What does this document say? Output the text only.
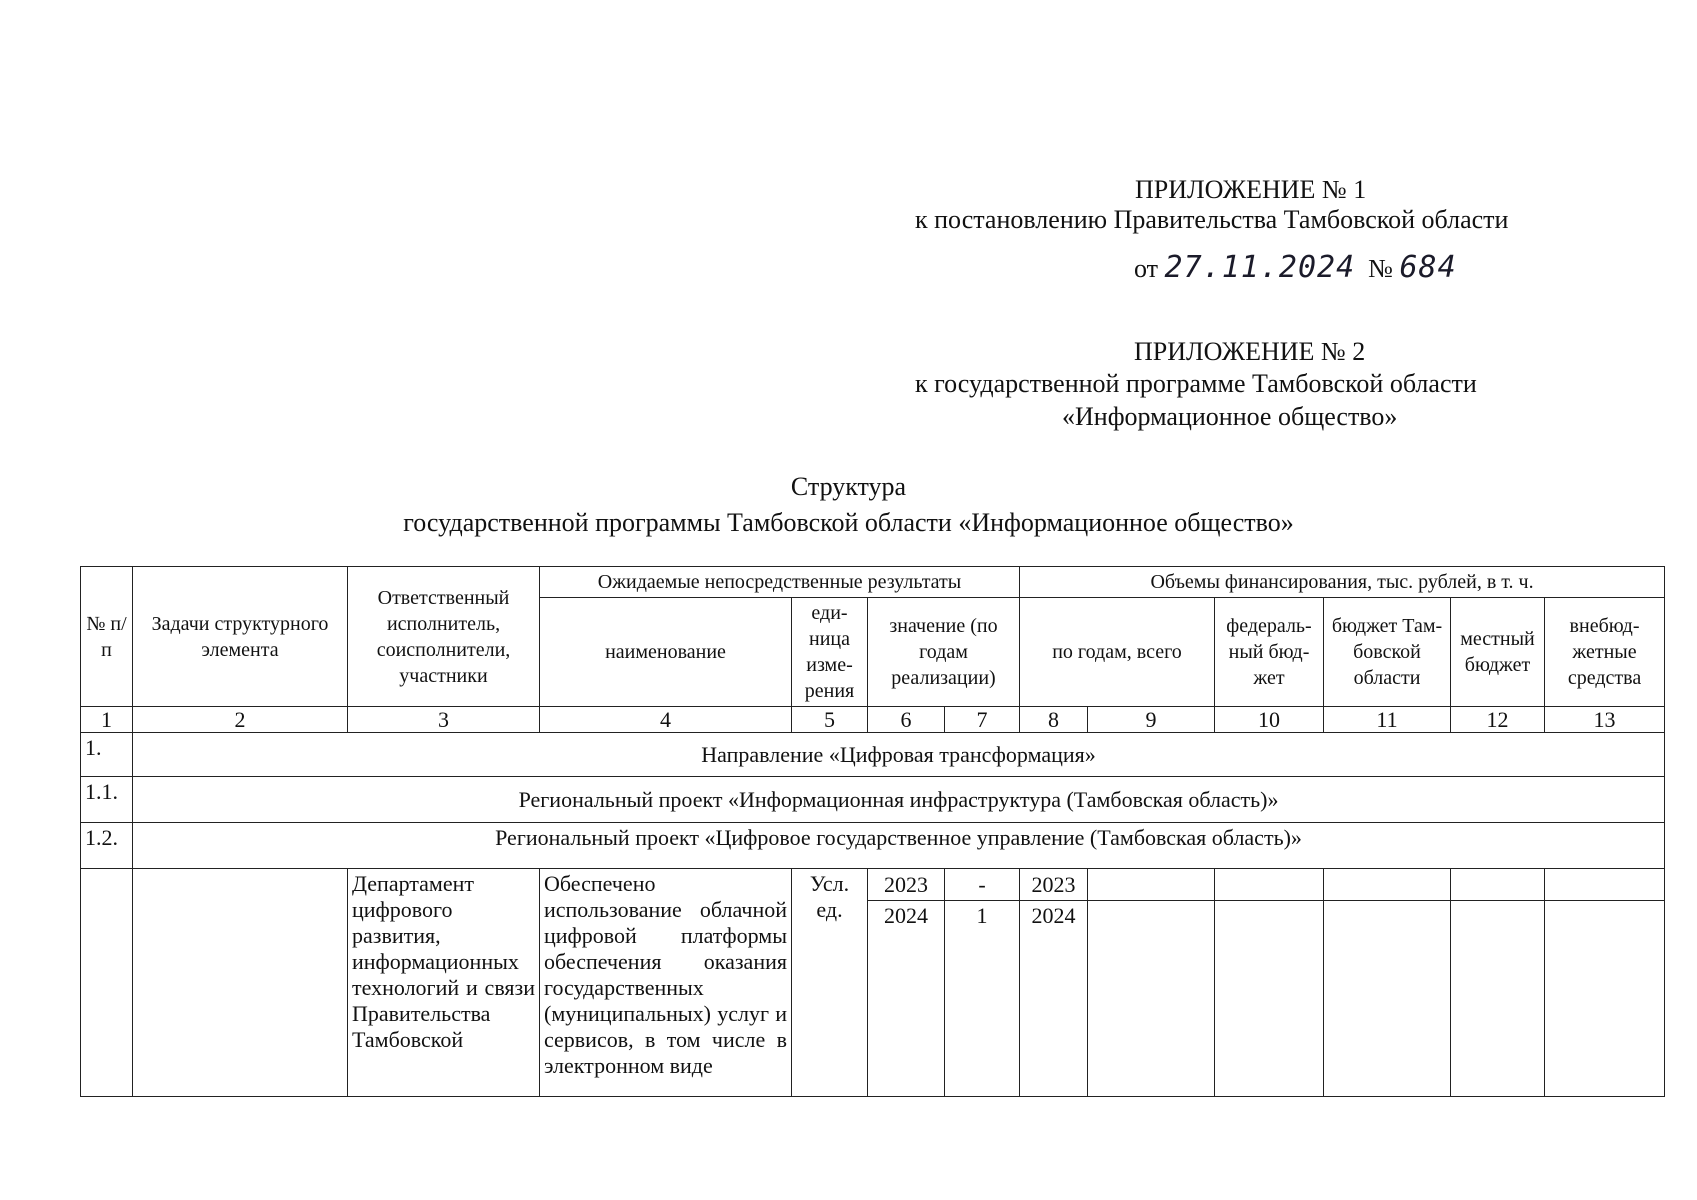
ПРИЛОЖЕНИЕ № 1
к постановлению Правительства Тамбовской области
от 27.11.2024 № 684
ПРИЛОЖЕНИЕ № 2
к государственной программе Тамбовской области
«Информационное общество»
Структура
государственной программы Тамбовской области «Информационное общество»
№ п/п	Задачи структурного элемента	Ответственный исполнитель, соисполнители, участники	Ожидаемые непосредственные результаты				Объемы финансирования, тыс. рублей, в т. ч.					
			наименование	еди- ница изме- рения	значение (по годам реализации)		по годам, всего		федераль- ный бюд- жет	бюджет Там- бовской области	местный бюджет	внебюд- жетные средства
1	2	3	4	5	6	7	8	9	10	11	12	13
1.	Направление «Цифровая трансформация»											
1.1.	Региональный проект «Информационная инфраструктура (Тамбовская область)»											
1.2.	Региональный проект «Цифровое государственное управление (Тамбовская область)»											
		Департамент цифрового развития, информационных технологий и связи Правительства Тамбовской	Обеспечено использование облачной цифровой платформы обеспечения оказания государственных (муниципальных) услуг и сервисов, в том числе в электронном виде	Усл. ед.	2023	-	2023					
					2024	1	2024					
